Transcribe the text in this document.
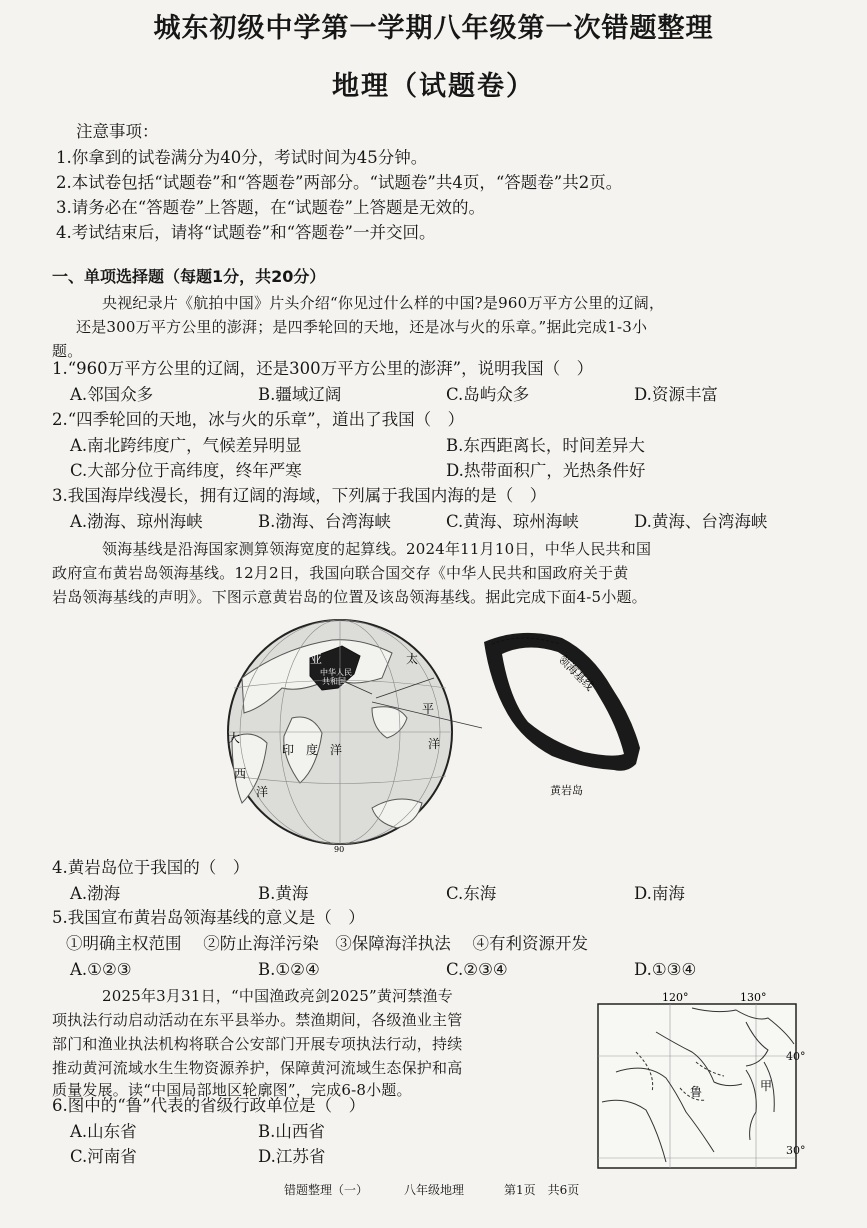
城东初级中学第一学期八年级第一次错题整理
地理（试题卷）
注意事项：
1.你拿到的试卷满分为40分，考试时间为45分钟。
2.本试卷包括“试题卷”和“答题卷”两部分。“试题卷”共4页，“答题卷”共2页。
3.请务必在“答题卷”上答题，在“试题卷”上答题是无效的。
4.考试结束后，请将“试题卷”和“答题卷”一并交回。
一、单项选择题（每题1分，共20分）
央视纪录片《航拍中国》片头介绍“你见过什么样的中国?是960万平方公里的辽阔，
还是300万平方公里的澎湃；是四季轮回的天地，还是冰与火的乐章。”据此完成1-3小
题。
1.“960万平方公里的辽阔，还是300万平方公里的澎湃”，说明我国（　）
A.邻国众多	B.疆域辽阔	C.岛屿众多	D.资源丰富
2.“四季轮回的天地，冰与火的乐章”，道出了我国（　）
A.南北跨纬度广，气候差异明显	B.东西距离长，时间差异大
C.大部分位于高纬度，终年严寒	D.热带面积广，光热条件好
3.我国海岸线漫长，拥有辽阔的海域，下列属于我国内海的是（　）
A.渤海、琼州海峡	B.渤海、台湾海峡	C.黄海、琼州海峡	D.黄海、台湾海峡
领海基线是沿海国家测算领海宽度的起算线。2024年11月10日，中华人民共和国
政府宣布黄岩岛领海基线。12月2日，我国向联合国交存《中华人民共和国政府关于黄
岩岛领海基线的声明》。下图示意黄岩岛的位置及该岛领海基线。据此完成下面4-5小题。
亚
中华人民
共和国
太
平
洋
大
印　度　洋
西
洋
90
领海基线
黄岩岛
4.黄岩岛位于我国的（　）
A.渤海	B.黄海	C.东海	D.南海
5.我国宣布黄岩岛领海基线的意义是（　）
①明确主权范围　 ②防止海洋污染　③保障海洋执法　 ④有利资源开发
A.①②③	B.①②④	C.②③④	D.①③④
2025年3月31日，“中国渔政亮剑2025”黄河禁渔专
项执法行动启动活动在东平县举办。禁渔期间，各级渔业主管
部门和渔业执法机构将联合公安部门开展专项执法行动，持续
推动黄河流域水生生物资源养护，保障黄河流域生态保护和高
质量发展。读“中国局部地区轮廓图”，完成6-8小题。
6.图中的“鲁”代表的省级行政单位是（　）
A.山东省	B.山西省
C.河南省	D.江苏省
120°	130°
40°
30°
鲁	甲
错题整理（一）	八年级地理	第1页　共6页
